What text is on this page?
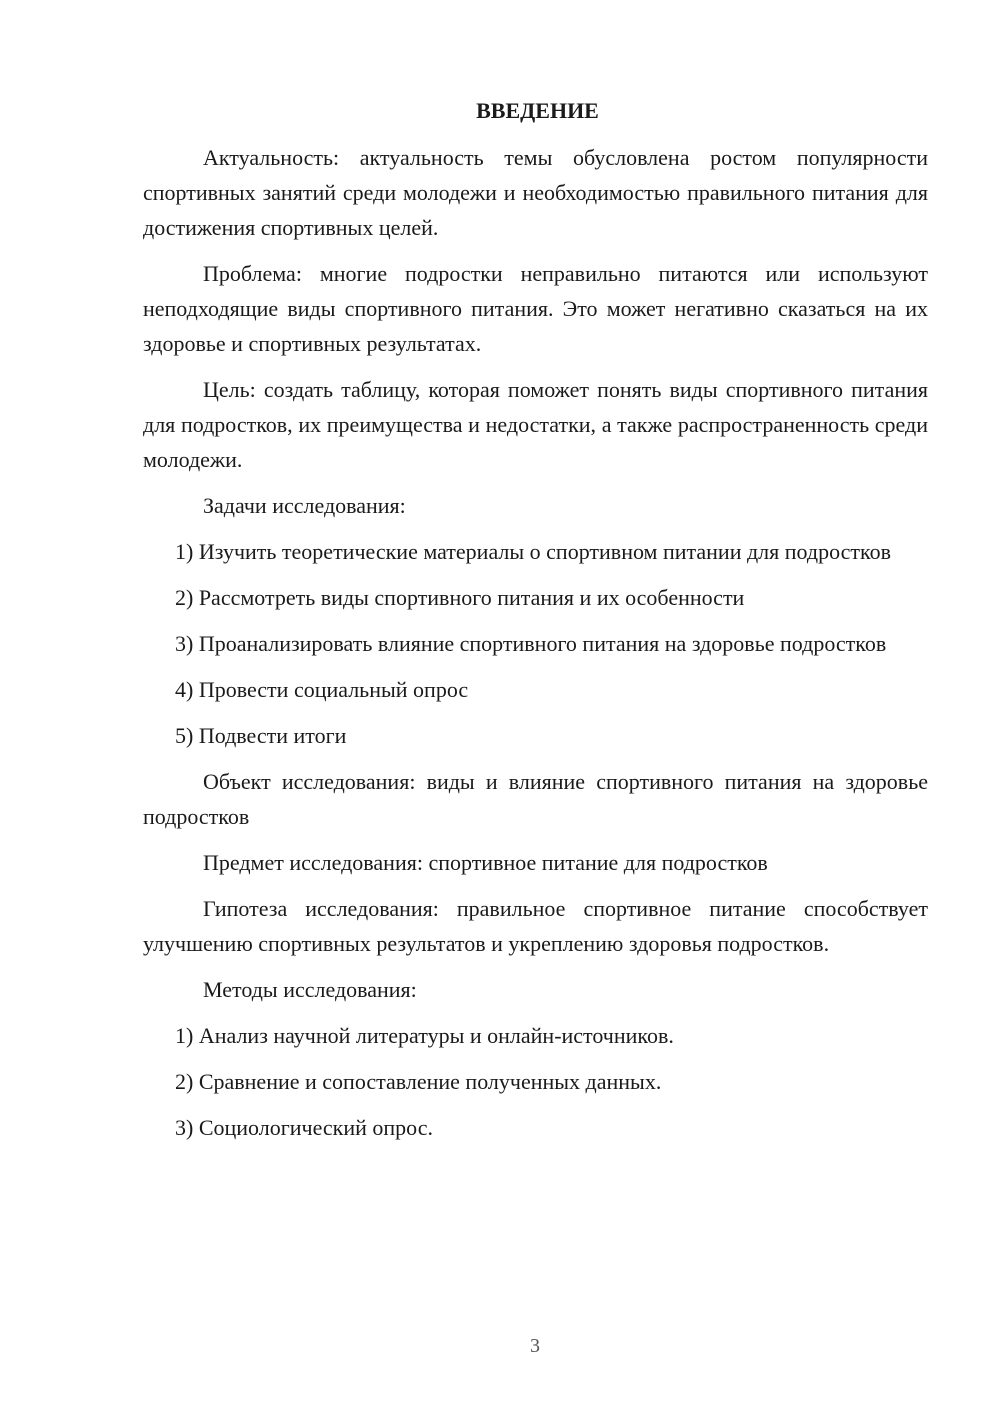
ВВЕДЕНИЕ

Актуальность: актуальность темы обусловлена ростом популярности спортивных занятий среди молодежи и необходимостью правильного питания для достижения спортивных целей.

Проблема: многие подростки неправильно питаются или используют неподходящие виды спортивного питания. Это может негативно сказаться на их здоровье и спортивных результатах.

Цель: создать таблицу, которая поможет понять виды спортивного питания для подростков, их преимущества и недостатки, а также распространенность среди молодежи.

Задачи исследования:

1) Изучить теоретические материалы о спортивном питании для подростков

2) Рассмотреть виды спортивного питания и их особенности

3) Проанализировать влияние спортивного питания на здоровье подростков

4) Провести социальный опрос

5) Подвести итоги

Объект исследования: виды и влияние спортивного питания на здоровье подростков

Предмет исследования: спортивное питание для подростков

Гипотеза исследования: правильное спортивное питание способствует улучшению спортивных результатов и укреплению здоровья подростков.

Методы исследования:

1) Анализ научной литературы и онлайн-источников.

2) Сравнение и сопоставление полученных данных.

3) Социологический опрос.

3
